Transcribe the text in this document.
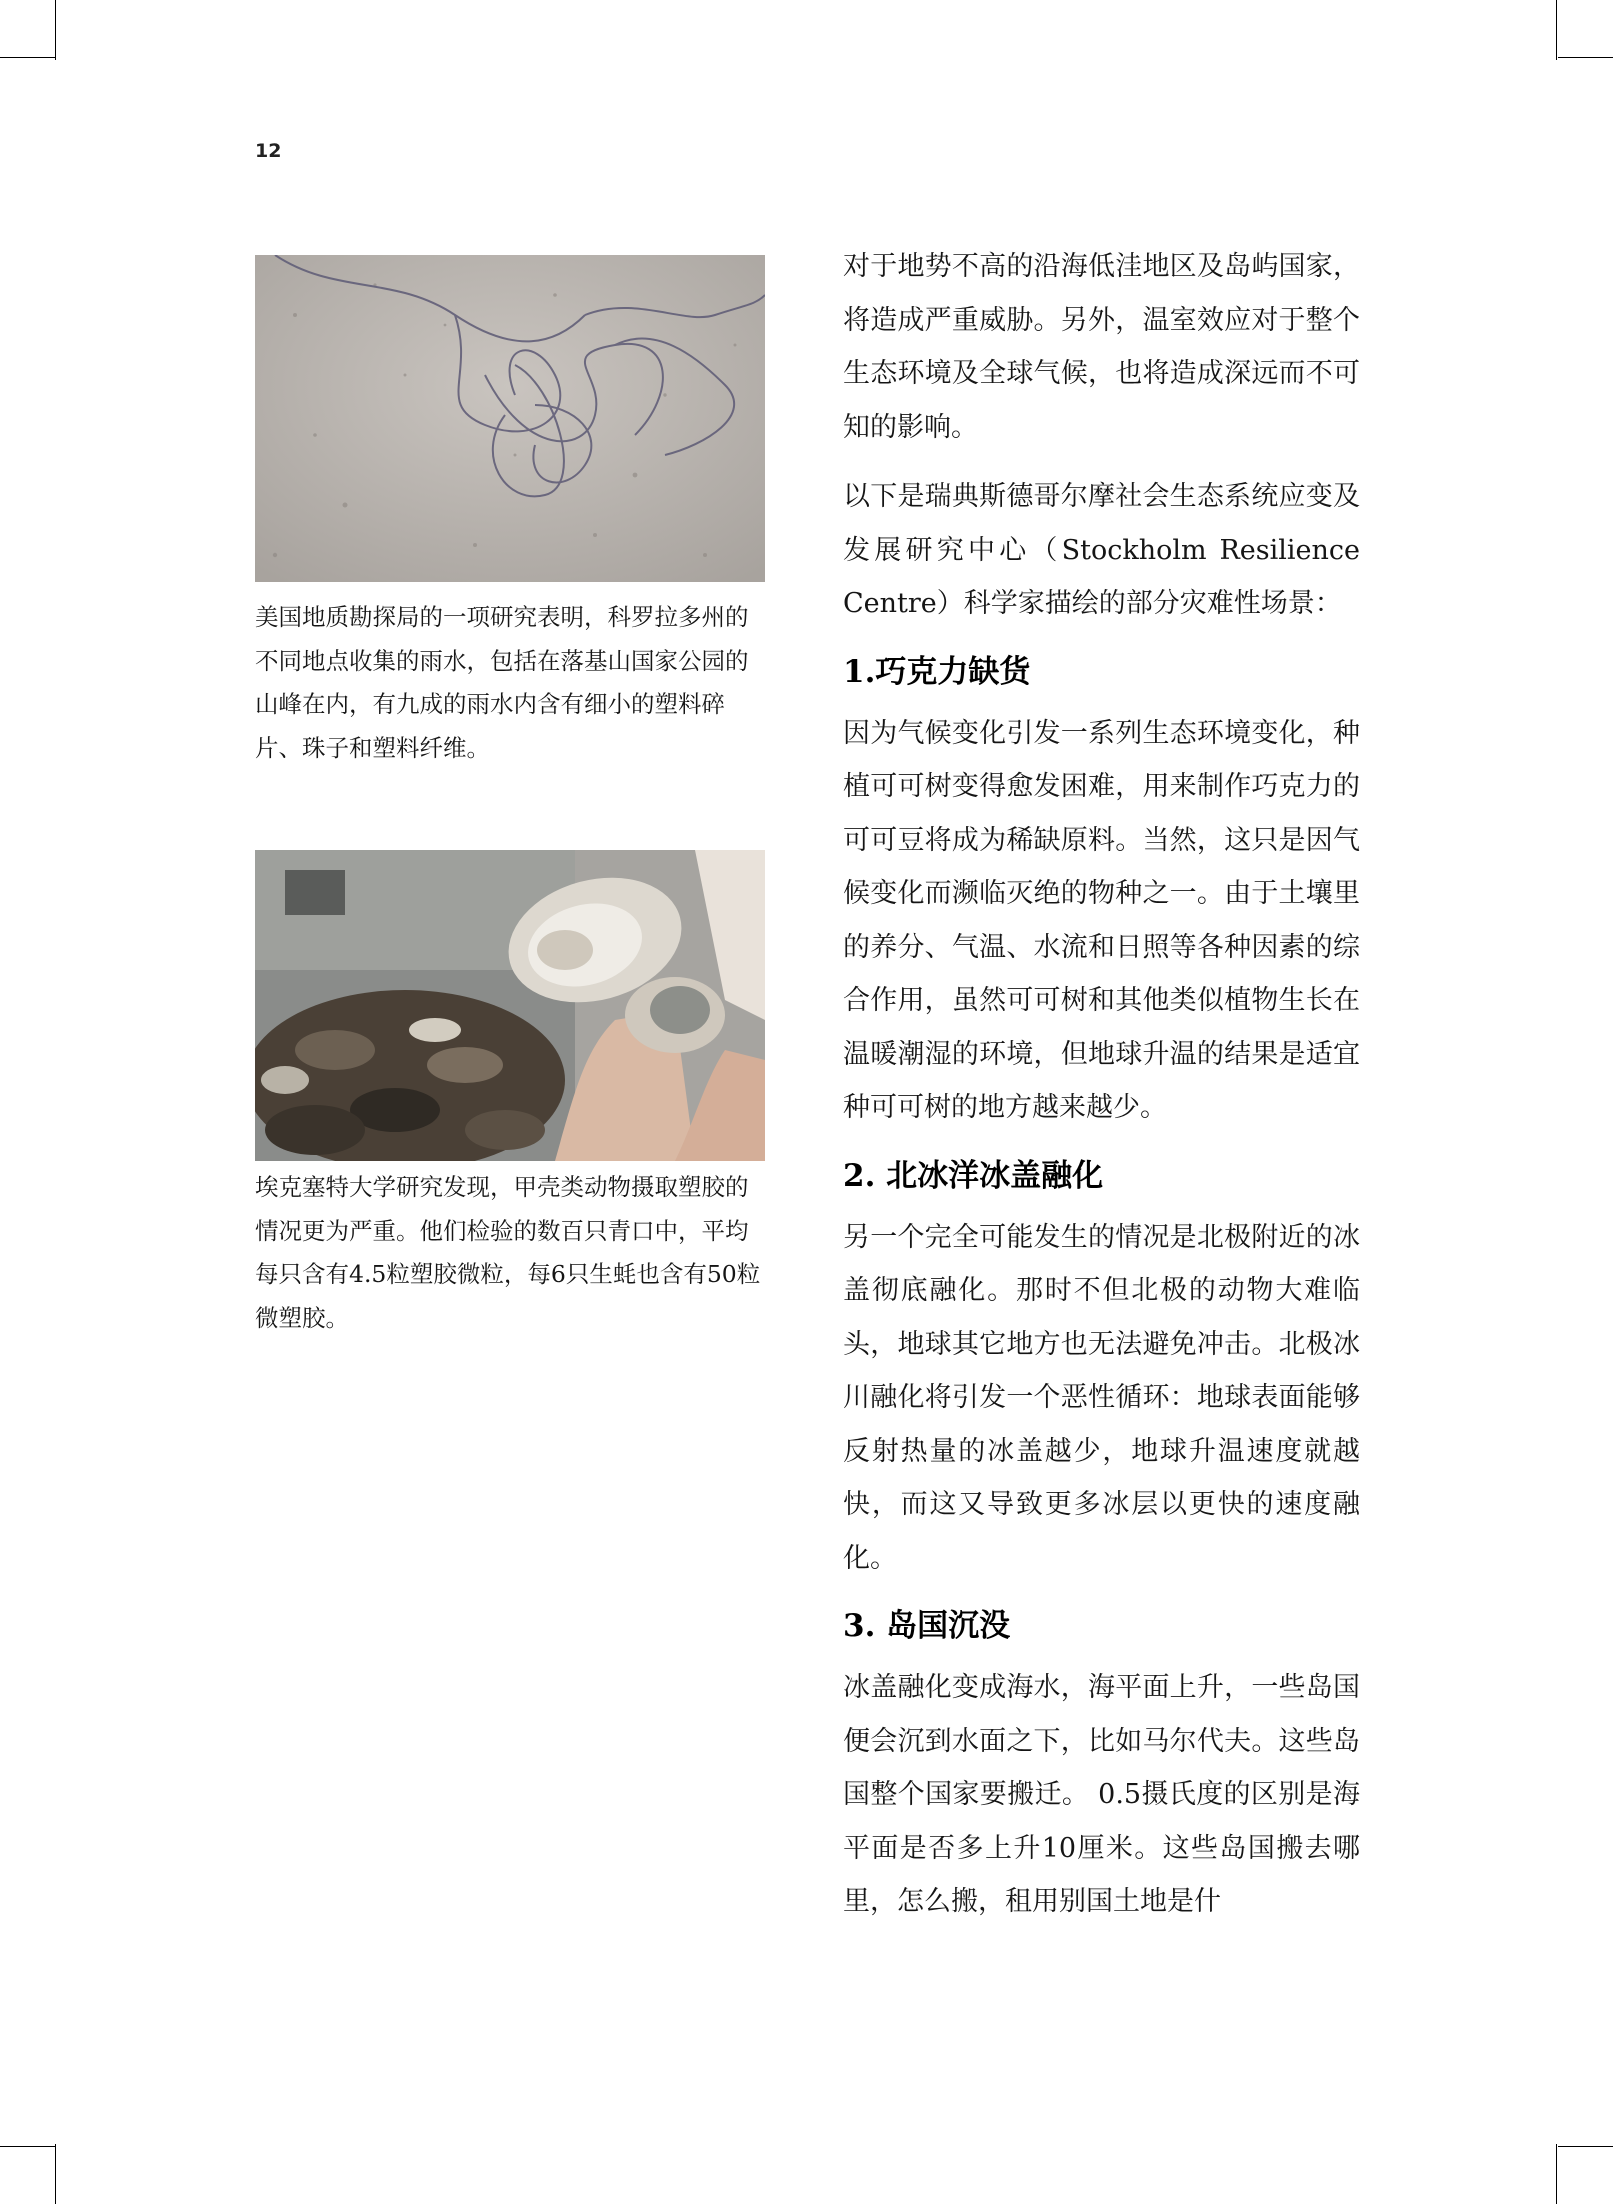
12
美国地质勘探局的一项研究表明，科罗拉多州的不同地点收集的雨水，包括在落基山国家公园的山峰在内，有九成的雨水内含有细小的塑料碎片、珠子和塑料纤维。
埃克塞特大学研究发现，甲壳类动物摄取塑胶的情况更为严重。他们检验的数百只青口中，平均每只含有4.5粒塑胶微粒，每6只生蚝也含有50粒微塑胶。

对于地势不高的沿海低洼地区及岛屿国家，将造成严重威胁。另外，温室效应对于整个生态环境及全球气候，也将造成深远而不可知的影响。

以下是瑞典斯德哥尔摩社会生态系统应变及发展研究中心（Stockholm Resilience Centre）科学家描绘的部分灾难性场景：

1.巧克力缺货

因为气候变化引发一系列生态环境变化，种植可可树变得愈发困难，用来制作巧克力的可可豆将成为稀缺原料。当然，这只是因气候变化而濒临灭绝的物种之一。由于土壤里的养分、气温、水流和日照等各种因素的综合作用，虽然可可树和其他类似植物生长在温暖潮湿的环境，但地球升温的结果是适宜种可可树的地方越来越少。

2. 北冰洋冰盖融化

另一个完全可能发生的情况是北极附近的冰盖彻底融化。那时不但北极的动物大难临头，地球其它地方也无法避免冲击。北极冰川融化将引发一个恶性循环：地球表面能够反射热量的冰盖越少，地球升温速度就越快，而这又导致更多冰层以更快的速度融化。

3. 岛国沉没

冰盖融化变成海水，海平面上升，一些岛国便会沉到水面之下，比如马尔代夫。这些岛国整个国家要搬迁。 0.5摄氏度的区别是海平面是否多上升10厘米。这些岛国搬去哪里，怎么搬，租用别国土地是什
